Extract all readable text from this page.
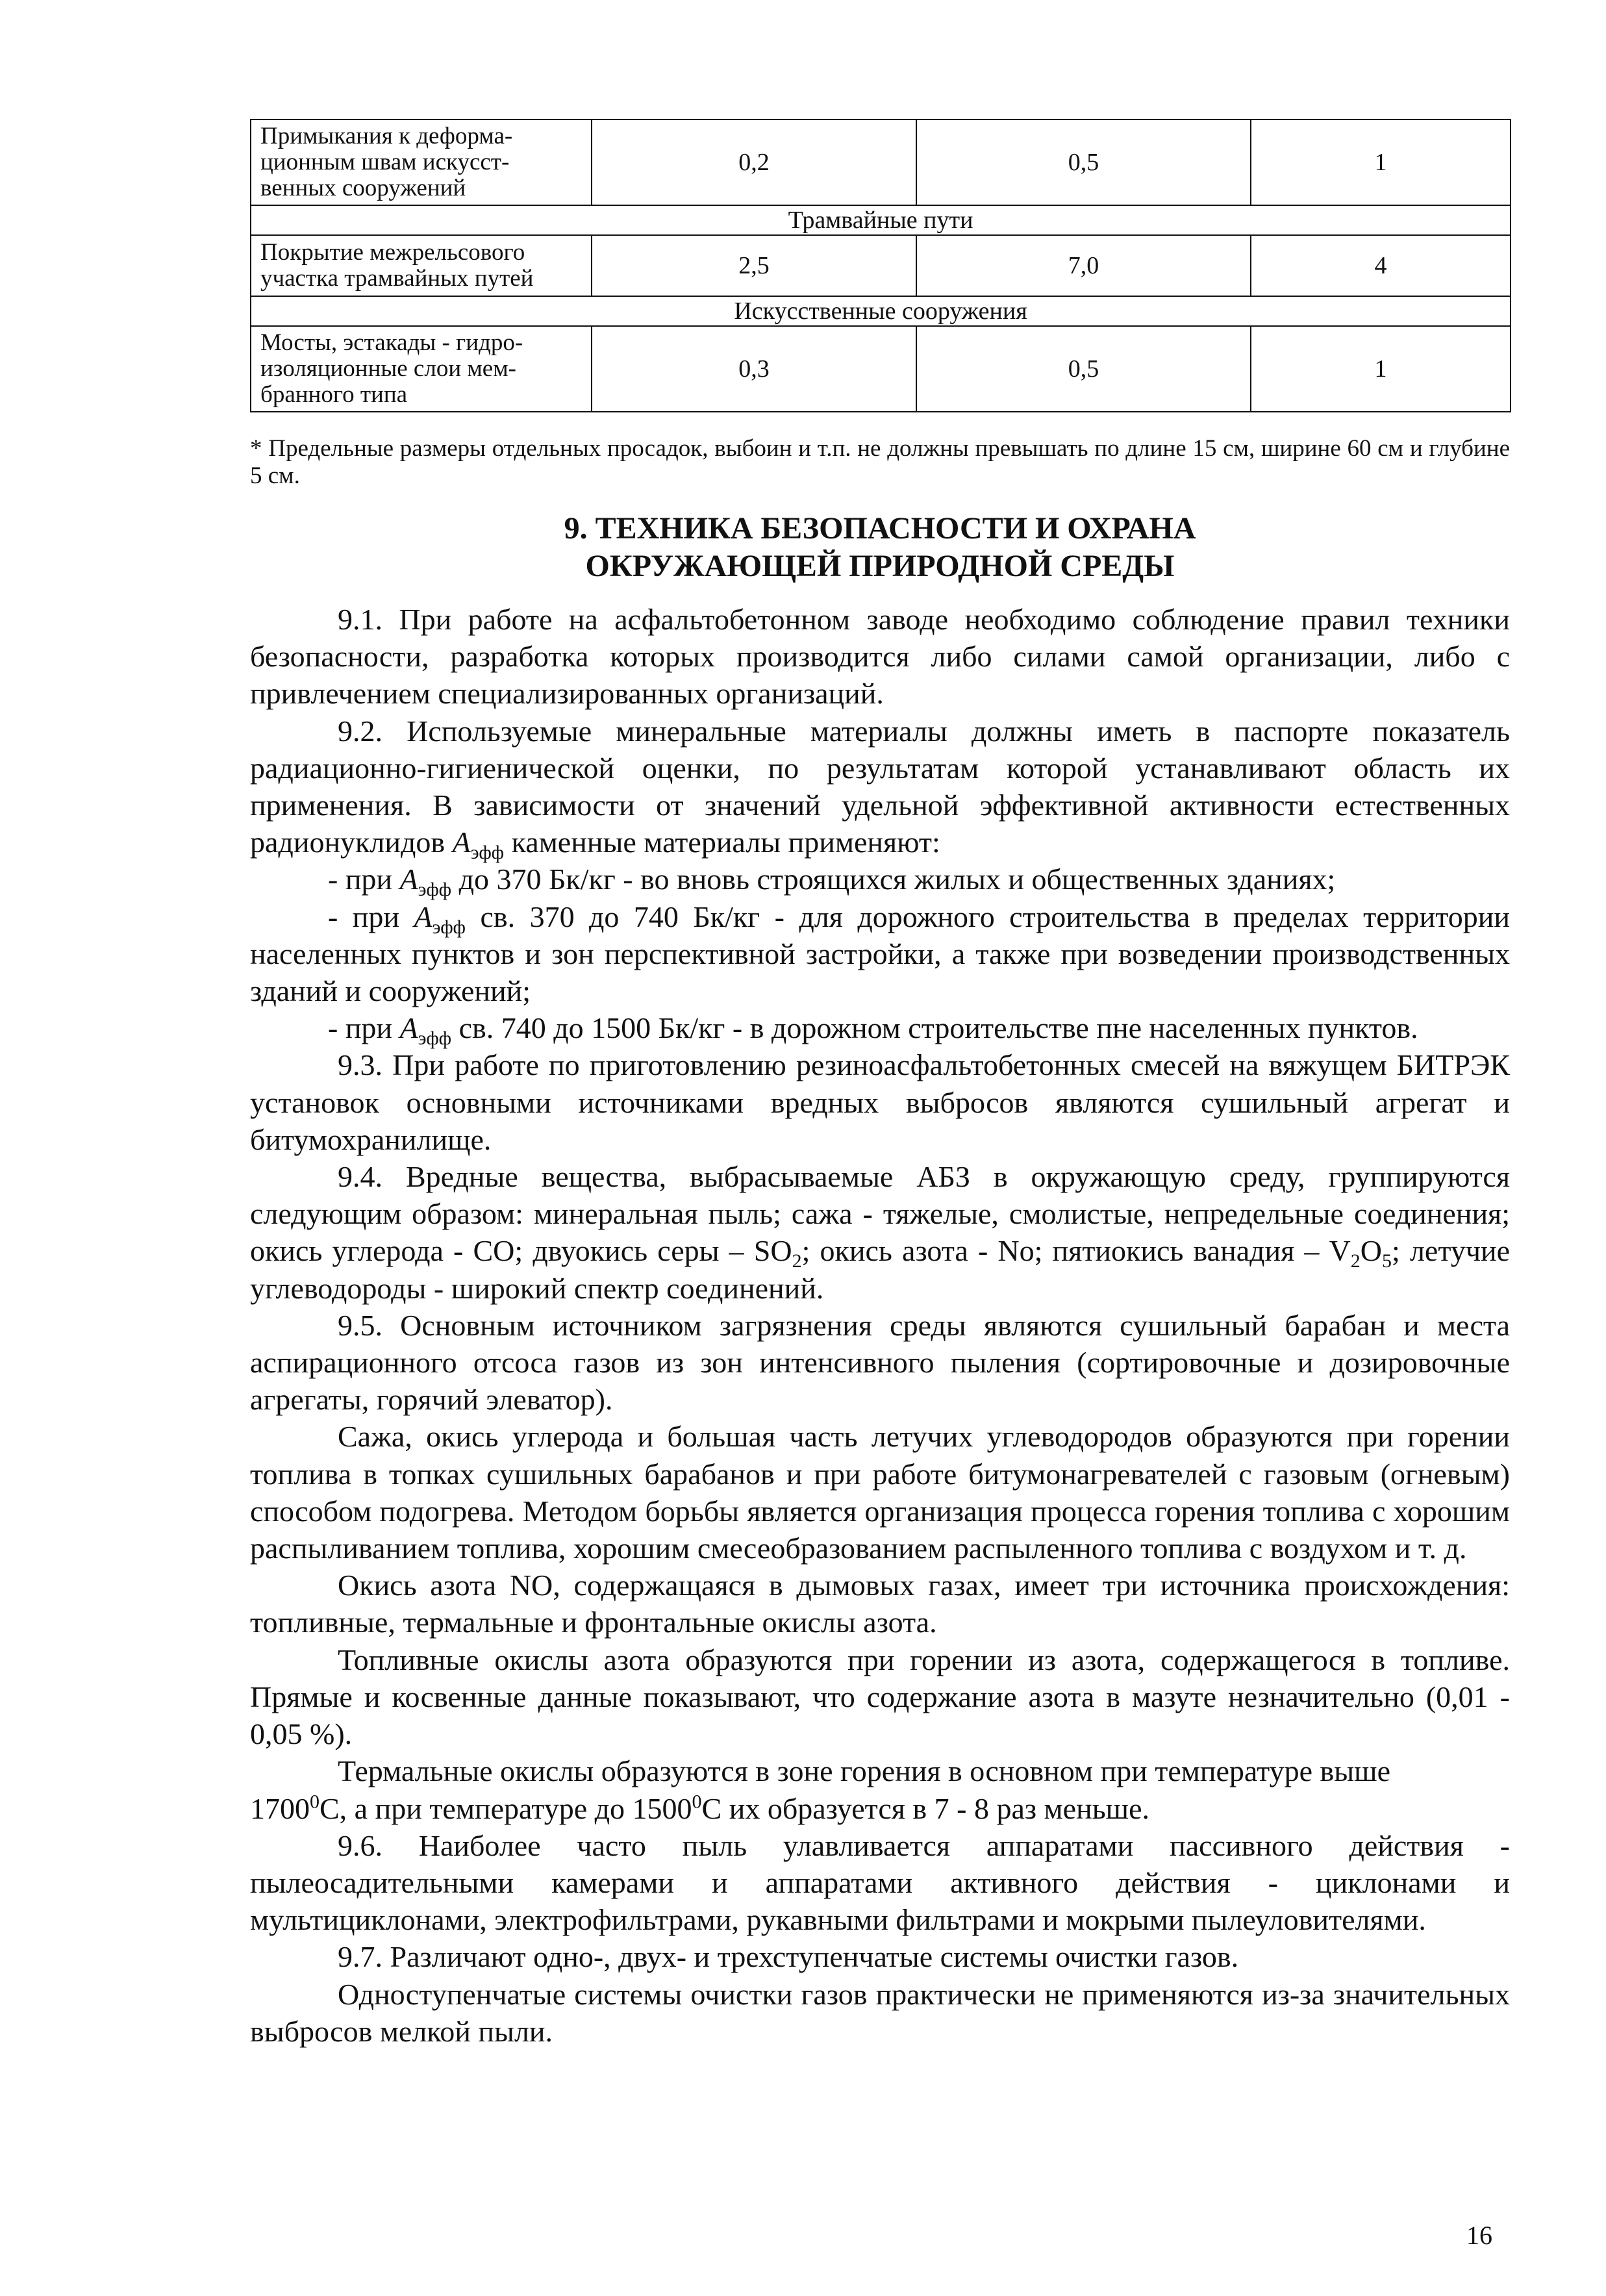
Примыкания к деформа-
ционным швам искусст-
венных сооружений	0,2	0,5	1
Трамвайные пути			
Покрытие межрельсового
участка трамвайных путей	2,5	7,0	4
Искусственные сооружения			
Мосты, эстакады - гидро-
изоляционные слои мем-
бранного типа	0,3	0,5	1
* Предельные размеры отдельных просадок, выбоин и т.п. не должны превышать по длине 15 см, ширине 60 см и глубине 5 см.
9. ТЕХНИКА БЕЗОПАСНОСТИ И ОХРАНА
ОКРУЖАЮЩЕЙ ПРИРОДНОЙ СРЕДЫ

9.1. При работе на асфальтобетонном заводе необходимо соблюдение правил техники безопасности, разработка которых производится либо силами самой организации, либо с привлечением специализированных организаций.

9.2. Используемые минеральные материалы должны иметь в паспорте показатель радиационно-гигиенической оценки, по результатам которой устанавливают область их применения. В зависимости от значений удельной эффективной активности естественных радионуклидов $А_{эфф}$ каменные материалы применяют:

- при $А_{эфф}$ до 370 Бк/кг - во вновь строящихся жилых и общественных зданиях;

- при $А_{эфф}$ св. 370 до 740 Бк/кг - для дорожного строительства в пределах территории населенных пунктов и зон перспективной застройки, а также при возведении производственных зданий и сооружений;

- при $А_{эфф}$ св. 740 до 1500 Бк/кг - в дорожном строительстве пне населенных пунктов.

9.3. При работе по приготовлению резиноасфальтобетонных смесей на вяжущем БИТРЭК установок основными источниками вредных выбросов являются сушильный агрегат и битумохранилище.

9.4. Вредные вещества, выбрасываемые АБЗ в окружающую среду, группируются следующим образом: минеральная пыль; сажа - тяжелые, смолистые, непредельные соединения; окись углерода - СО; двуокись серы – $SO_2$; окись азота - No; пятиокись ванадия – $V_2O_5$; летучие углеводороды - широкий спектр соединений.

9.5. Основным источником загрязнения среды являются сушильный барабан и места аспирационного отсоса газов из зон интенсивного пыления (сортировочные и дозировочные агрегаты, горячий элеватор).

Сажа, окись углерода и большая часть летучих углеводородов образуются при горении топлива в топках сушильных барабанов и при работе битумонагревателей с газовым (огневым) способом подогрева. Методом борьбы является организация процесса горения топлива с хорошим распыливанием топлива, хорошим смесеобразованием распыленного топлива с воздухом и т. д.

Окись азота NO, содержащаяся в дымовых газах, имеет три источника происхождения: топливные, термальные и фронтальные окислы азота.

Топливные окислы азота образуются при горении из азота, содержащегося в топливе. Прямые и косвенные данные показывают, что содержание азота в мазуте незначительно (0,01 - 0,05 %).

Термальные окислы образуются в зоне горения в основном при температуре выше

1700$^0$С, а при температуре до 1500$^0$С их образуется в 7 - 8 раз меньше.

9.6. Наиболее часто пыль улавливается аппаратами пассивного действия - пылеосадительными камерами и аппаратами активного действия - циклонами и мультициклонами, электрофильтрами, рукавными фильтрами и мокрыми пылеуловителями.

9.7. Различают одно-, двух- и трехступенчатые системы очистки газов.

Одноступенчатые системы очистки газов практически не применяются из-за значительных выбросов мелкой пыли.

16
